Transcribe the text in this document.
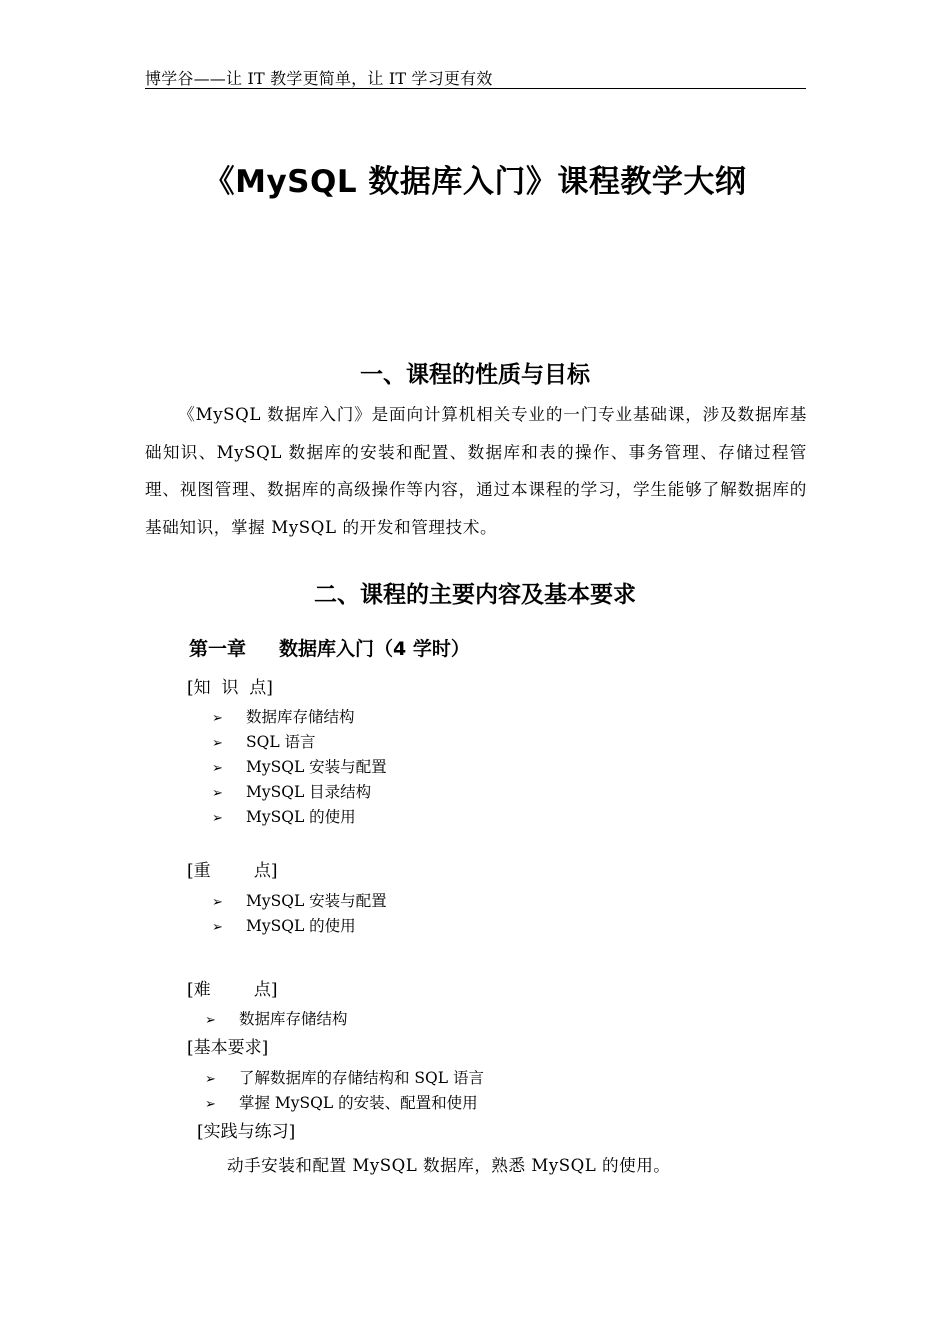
博学谷——让 IT 教学更简单，让 IT 学习更有效
《MySQL 数据库入门》课程教学大纲
一、课程的性质与目标
《MySQL 数据库入门》是面向计算机相关专业的一门专业基础课，涉及数据库基础知识、MySQL 数据库的安装和配置、数据库和表的操作、事务管理、存储过程管理、视图管理、数据库的高级操作等内容，通过本课程的学习，学生能够了解数据库的基础知识，掌握 MySQL 的开发和管理技术。
二、课程的主要内容及基本要求
第一章 数据库入门（4 学时）
[知  识  点]
➢ 数据库存储结构
➢ SQL 语言
➢ MySQL 安装与配置
➢ MySQL 目录结构
➢ MySQL 的使用
[重        点]
➢ MySQL 安装与配置
➢ MySQL 的使用
[难        点]
➢ 数据库存储结构
[基本要求]
➢ 了解数据库的存储结构和 SQL 语言
➢ 掌握 MySQL 的安装、配置和使用
[实践与练习]
动手安装和配置 MySQL 数据库，熟悉 MySQL 的使用。
